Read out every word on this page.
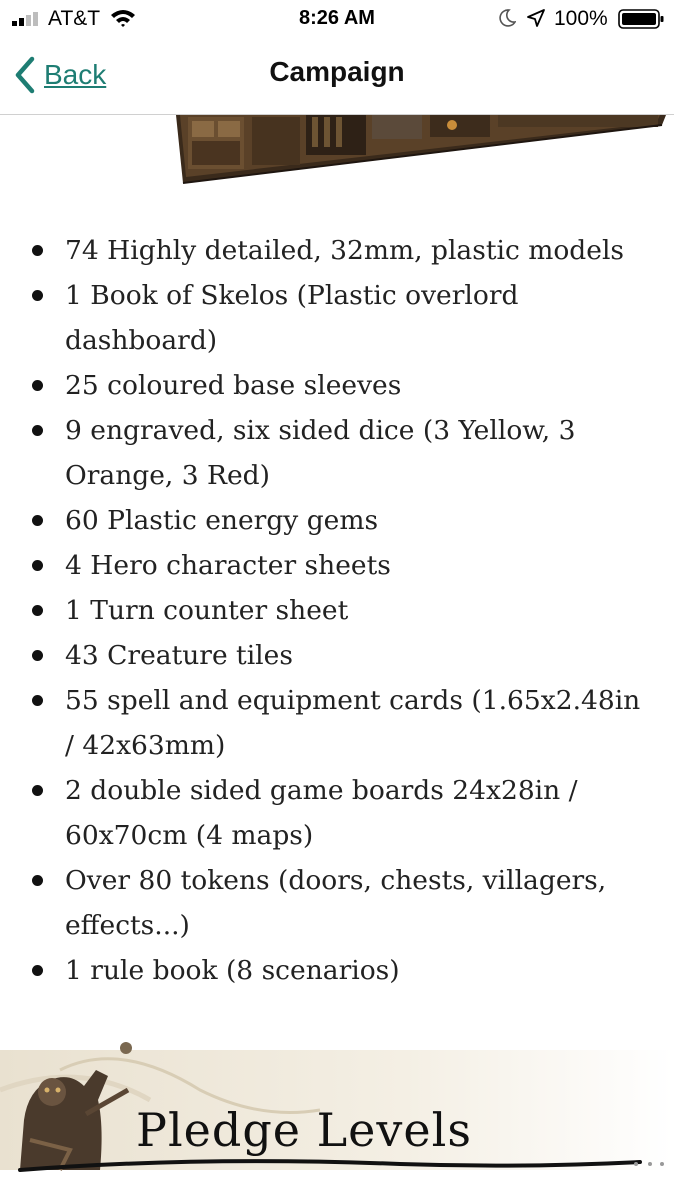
AT&T	8:26 AM	100%
Back	Campaign
74 Highly detailed, 32mm, plastic models
1 Book of Skelos (Plastic overlord dashboard)
25 coloured base sleeves
9 engraved, six sided dice (3 Yellow, 3 Orange, 3 Red)
60 Plastic energy gems
4 Hero character sheets
1 Turn counter sheet
43 Creature tiles
55 spell and equipment cards (1.65x2.48in / 42x63mm)
2 double sided game boards 24x28in / 60x70cm (4 maps)
Over 80 tokens (doors, chests, villagers, effects...)
1 rule book (8 scenarios)
Pledge Levels
